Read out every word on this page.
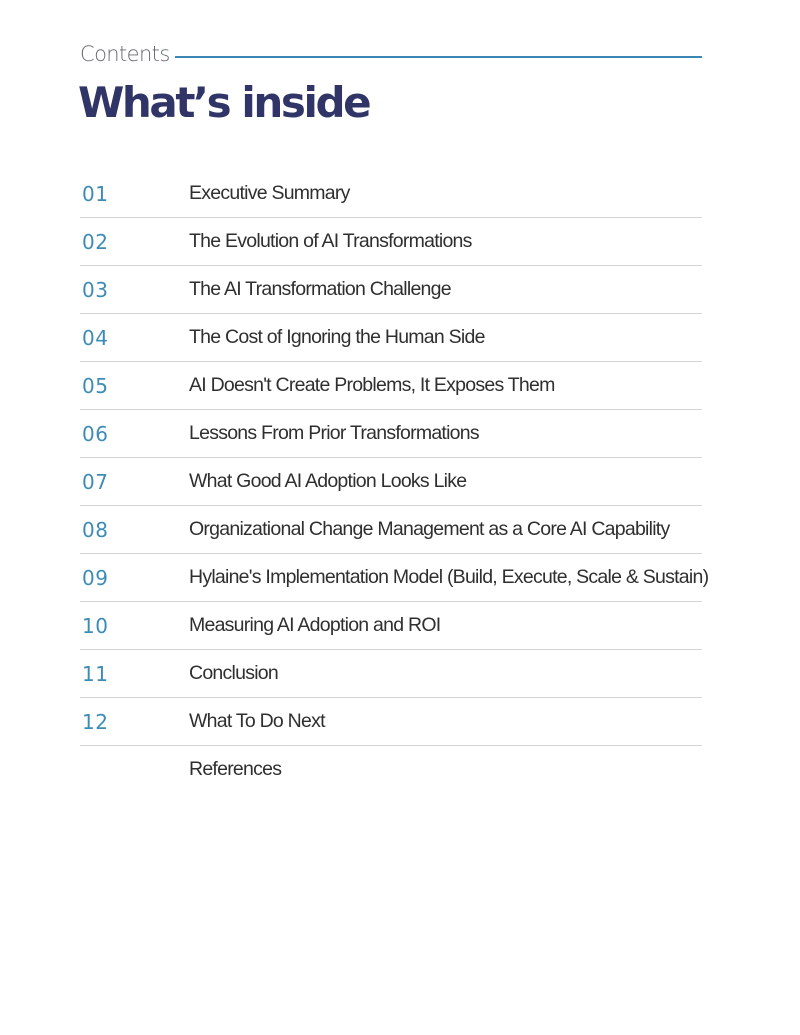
Contents
What’s inside
01	Executive Summary
02	The Evolution of AI Transformations
03	The AI Transformation Challenge
04	The Cost of Ignoring the Human Side
05	AI Doesn't Create Problems, It Exposes Them
06	Lessons From Prior Transformations
07	What Good AI Adoption Looks Like
08	Organizational Change Management as a Core AI Capability
09	Hylaine's Implementation Model (Build, Execute, Scale & Sustain)
10	Measuring AI Adoption and ROI
11	Conclusion
12	What To Do Next
References
